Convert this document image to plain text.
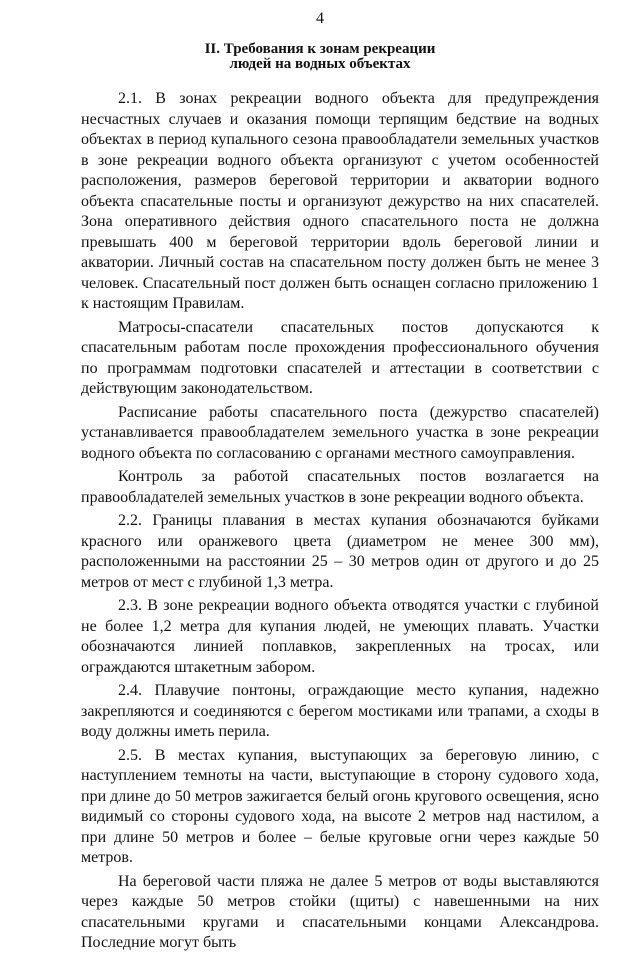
4
II. Требования к зонам рекреации
людей на водных объектах

2.1. В зонах рекреации водного объекта для предупреждения несчастных случаев и оказания помощи терпящим бедствие на водных объектах в период купального сезона правообладатели земельных участков в зоне рекреации водного объекта организуют с учетом особенностей расположения, размеров береговой территории и акватории водного объекта спасательные посты и организуют дежурство на них спасателей. Зона оперативного действия одного спасательного поста не должна превышать 400 м береговой территории вдоль береговой линии и акватории. Личный состав на спасательном посту должен быть не менее 3 человек. Спасательный пост должен быть оснащен согласно приложению 1 к настоящим Правилам.

Матросы-спасатели спасательных постов допускаются к спасательным работам после прохождения профессионального обучения по программам подготовки спасателей и аттестации в соответствии с действующим законодательством.

Расписание работы спасательного поста (дежурство спасателей) устанавливается правообладателем земельного участка в зоне рекреации водного объекта по согласованию с органами местного самоуправления.

Контроль за работой спасательных постов возлагается на правообладателей земельных участков в зоне рекреации водного объекта.

2.2. Границы плавания в местах купания обозначаются буйками красного или оранжевого цвета (диаметром не менее 300 мм), расположенными на расстоянии 25 – 30 метров один от другого и до 25 метров от мест с глубиной 1,3 метра.

2.3. В зоне рекреации водного объекта отводятся участки с глубиной не более 1,2 метра для купания людей, не умеющих плавать. Участки обозначаются линией поплавков, закрепленных на тросах, или ограждаются штакетным забором.

2.4. Плавучие понтоны, ограждающие место купания, надежно закрепляются и соединяются с берегом мостиками или трапами, а сходы в воду должны иметь перила.

2.5. В местах купания, выступающих за береговую линию, с наступлением темноты на части, выступающие в сторону судового хода, при длине до 50 метров зажигается белый огонь кругового освещения, ясно видимый со стороны судового хода, на высоте 2 метров над настилом, а при длине 50 метров и более – белые круговые огни через каждые 50 метров.

На береговой части пляжа не далее 5 метров от воды выставляются через каждые 50 метров стойки (щиты) с навешенными на них спасательными кругами и спасательными концами Александрова. Последние могут быть
